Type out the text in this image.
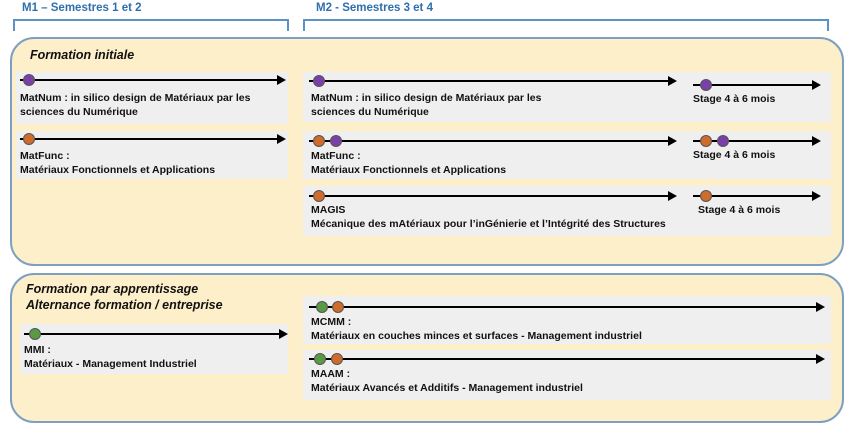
M1 – Semestres 1 et 2	M2 - Semestres 3 et 4
Formation initiale
MatNum : in silico design de Matériaux par les
sciences du Numérique
MatFunc :
Matériaux Fonctionnels et Applications
MatNum : in silico design de Matériaux par les
sciences du Numérique
Stage 4 à 6 mois
MatFunc :
Matériaux Fonctionnels et Applications
Stage 4 à 6 mois
MAGIS
Mécanique des mAtériaux pour l’inGénierie et l’Intégrité des Structures
Stage 4 à 6 mois
Formation par apprentissage
Alternance formation / entreprise
MMI :
Matériaux - Management Industriel
MCMM :
Matériaux en couches minces et surfaces - Management industriel
MAAM :
Matériaux Avancés et Additifs - Management industriel
